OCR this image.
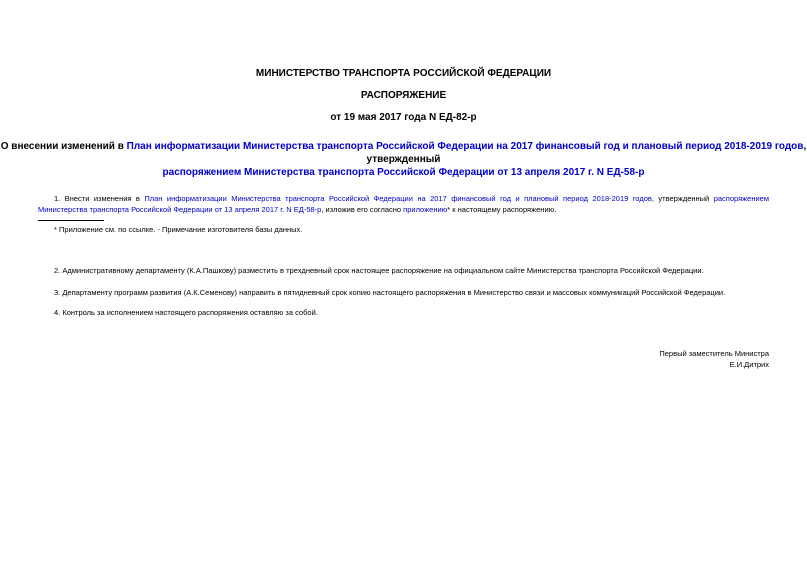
МИНИСТЕРСТВО ТРАНСПОРТА РОССИЙСКОЙ ФЕДЕРАЦИИ
РАСПОРЯЖЕНИЕ
от 19 мая 2017 года N ЕД-82-р
О внесении изменений в План информатизации Министерства транспорта Российской Федерации на 2017 финансовый год и плановый период 2018-2019 годов, утвержденный
распоряжением Министерства транспорта Российской Федерации от 13 апреля 2017 г. N ЕД-58-р
1. Внести изменения в План информатизации Министерства транспорта Российской Федерации на 2017 финансовый год и плановый период 2018-2019 годов, утвержденный распоряжением Министерства транспорта Российской Федерации от 13 апреля 2017 г. N ЕД-58-р, изложив его согласно приложению* к настоящему распоряжению.
* Приложение см. по ссылке. - Примечание изготовителя базы данных.
2. Административному департаменту (К.А.Пашкову) разместить в трехдневный срок настоящее распоряжение на официальном сайте Министерства транспорта Российской Федерации.
3. Департаменту программ развития (А.К.Семенову) направить в пятидневный срок копию настоящего распоряжения в Министерство связи и массовых коммуникаций Российской Федерации.
4. Контроль за исполнением настоящего распоряжения оставляю за собой.
Первый заместитель Министра
Е.И.Дитрих
